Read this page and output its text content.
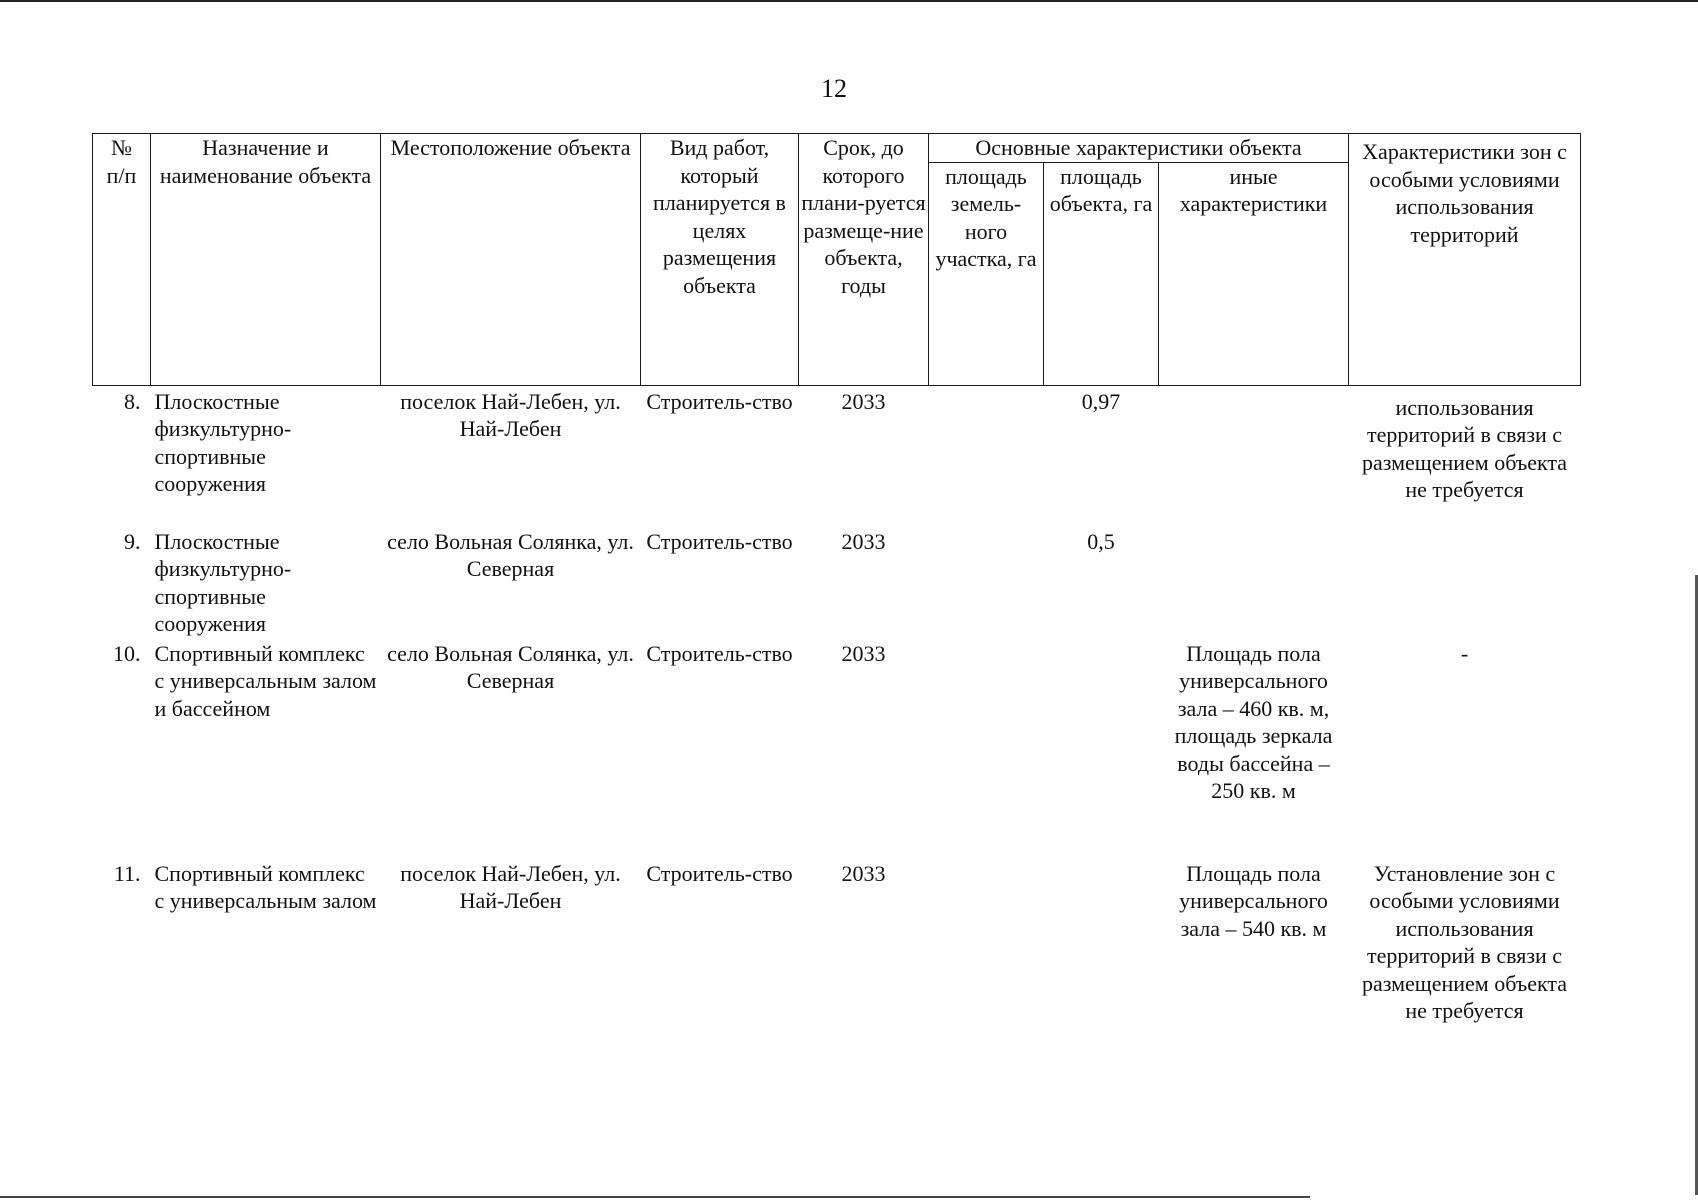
12
№
п/п	Назначение и наименование объекта	Местоположение объекта	Вид работ, который планируется в целях размещения объекта	Срок, до которого плани-руется размеще-ние объекта, годы	Основные характеристики объекта			Характеристики зон с особыми условиями использования территорий
					площадь земель-ного участка, га	площадь объекта, га	иные характеристики	
8.	Плоскостные физкультурно-спортивные сооружения	поселок Най-Лебен, ул. Най-Лебен	Строитель-ство	2033		0,97		использования территорий в связи с размещением объекта не требуется
9.	Плоскостные физкультурно-спортивные сооружения	село Вольная Солянка, ул. Северная	Строитель-ство	2033		0,5		
10.	Спортивный комплекс с универсальным залом и бассейном	село Вольная Солянка, ул. Северная	Строитель-ство	2033			Площадь пола универсального зала – 460 кв. м, площадь зеркала воды бассейна – 250 кв. м	-
11.	Спортивный комплекс с универсальным залом	поселок Най-Лебен, ул. Най-Лебен	Строитель-ство	2033			Площадь пола универсального зала – 540 кв. м	Установление зон с особыми условиями использования территорий в связи с размещением объекта не требуется
